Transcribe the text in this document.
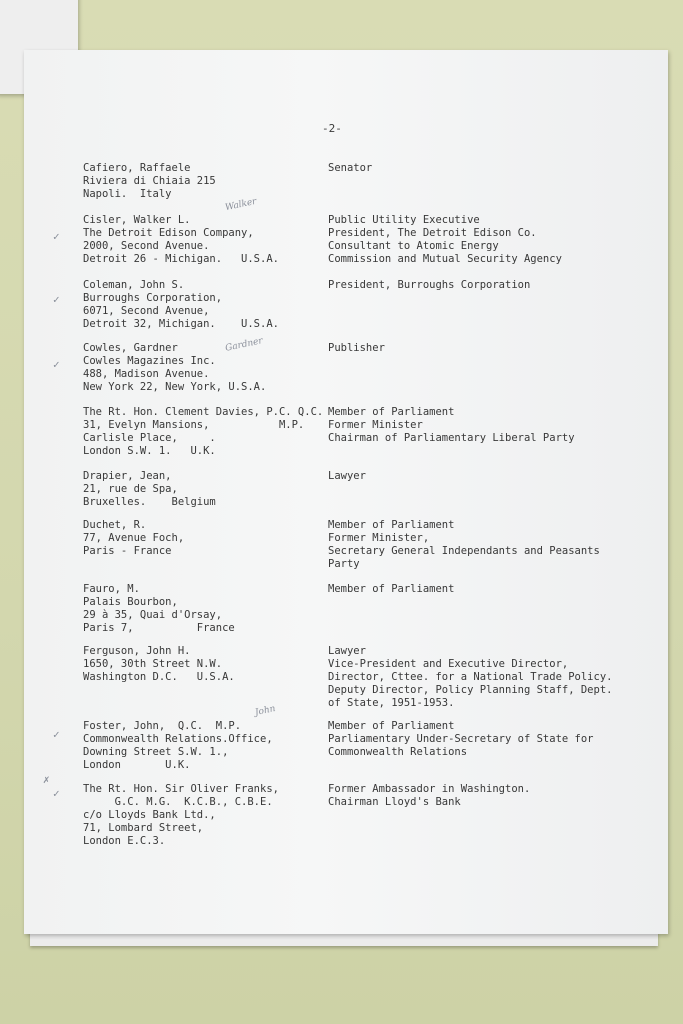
-2-
Cafiero, Raffaele
Riviera di Chiaia 215
Napoli.  Italy
Senator
✓
Cisler, Walker L.
The Detroit Edison Company,
2000, Second Avenue.
Detroit 26 - Michigan.   U.S.A.
Walker
Public Utility Executive
President, The Detroit Edison Co.
Consultant to Atomic Energy
Commission and Mutual Security Agency
✓
Coleman, John S.
Burroughs Corporation,
6071, Second Avenue,
Detroit 32, Michigan.    U.S.A.
President, Burroughs Corporation
✓
Cowles, Gardner
Cowles Magazines Inc.
488, Madison Avenue.
New York 22, New York, U.S.A.
Gardner	Publisher
The Rt. Hon. Clement Davies, P.C. Q.C.
31, Evelyn Mansions,           M.P.
Carlisle Place,     .
London S.W. 1.   U.K.
Member of Parliament
Former Minister
Chairman of Parliamentary Liberal Party
Drapier, Jean,
21, rue de Spa,
Bruxelles.    Belgium
Lawyer
Duchet, R.
77, Avenue Foch,
Paris - France
Member of Parliament
Former Minister,
Secretary General Independants and Peasants
Party
Fauro, M.
Palais Bourbon,
29 à 35, Quai d'Orsay,
Paris 7,          France
Member of Parliament
Ferguson, John H.
1650, 30th Street N.W.
Washington D.C.   U.S.A.
Lawyer
Vice-President and Executive Director,
Director, Cttee. for a National Trade Policy.
Deputy Director, Policy Planning Staff, Dept.
of State, 1951-1953.
✓
Foster, John,  Q.C.  M.P.
Commonwealth Relations.Office,
Downing Street S.W. 1.,
London       U.K.
John
Member of Parliament
Parliamentary Under-Secretary of State for
Commonwealth Relations
✗
✓ The Rt. Hon. Sir Oliver Franks,
G.C. M.G.  K.C.B., C.B.E.
c/o Lloyds Bank Ltd.,
71, Lombard Street,
London E.C.3.
Former Ambassador in Washington.
Chairman Lloyd's Bank
